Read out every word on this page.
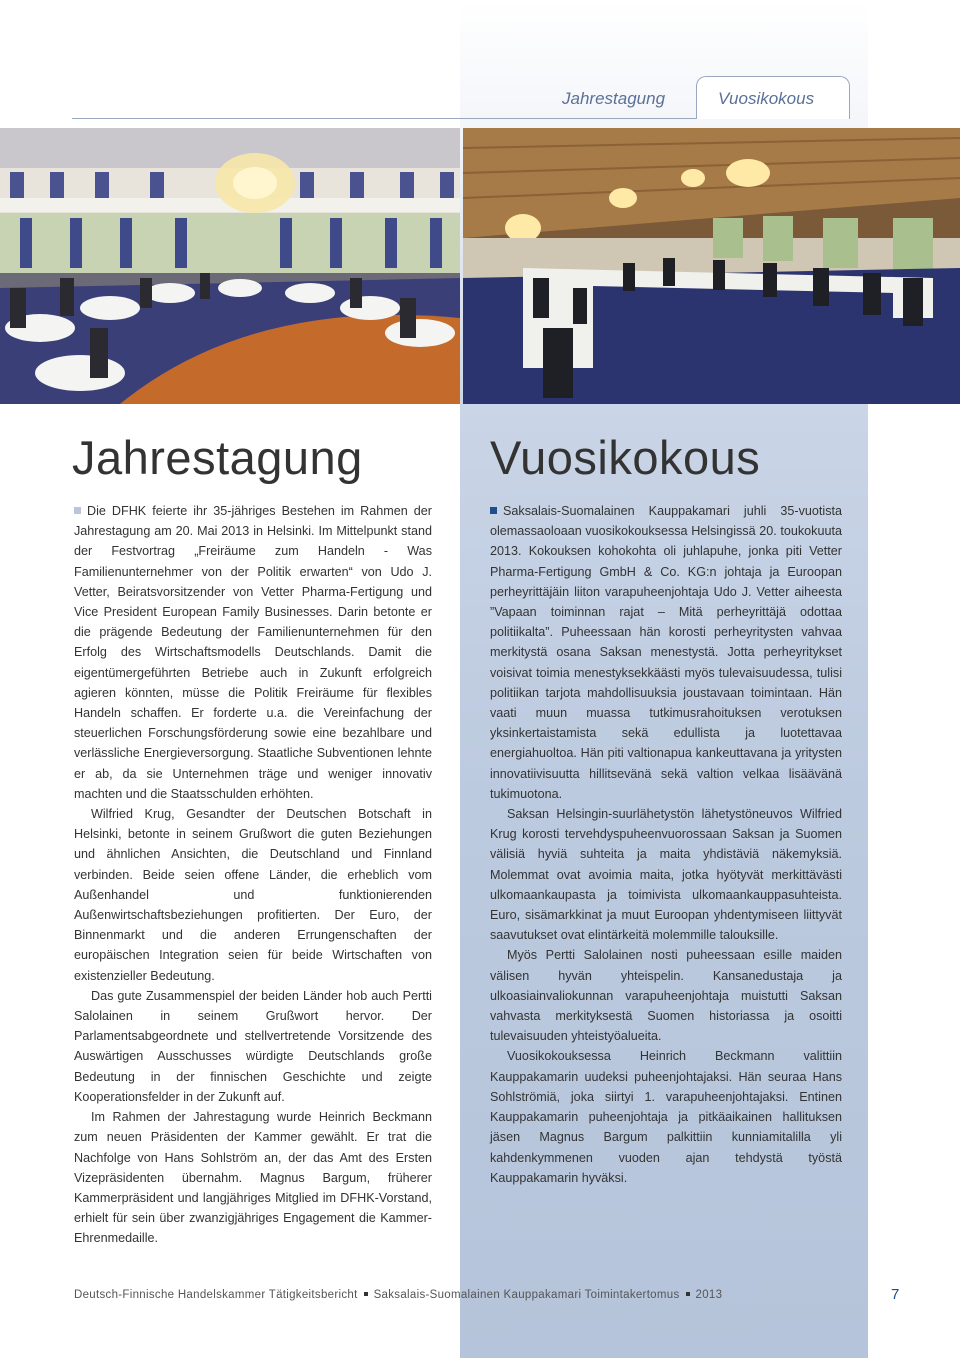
Jahrestagung	Vuosikokous
Jahrestagung	Vuosikokous

Die DFHK feierte ihr 35-jähriges Bestehen im Rahmen der Jahrestagung am 20. Mai 2013 in Helsinki. Im Mittelpunkt stand der Festvortrag „Freiräume zum Handeln - Was Familienunternehmer von der Politik erwarten“ von Udo J. Vetter, Beiratsvorsitzender von Vetter Pharma-Fertigung und Vice President European Family Businesses. Darin betonte er die prägende Bedeutung der Familienunternehmen für den Erfolg des Wirtschaftsmodells Deutschlands. Damit die eigentümergeführten Betriebe auch in Zukunft erfolgreich agieren könnten, müsse die Politik Freiräume für flexibles Handeln schaffen. Er forderte u.a. die Vereinfachung der steuerlichen Forschungsförderung sowie eine bezahlbare und verlässliche Energieversorgung. Staatliche Subventionen lehnte er ab, da sie Unternehmen träge und weniger innovativ machten und die Staatsschulden erhöhten.

Wilfried Krug, Gesandter der Deutschen Botschaft in Helsinki, betonte in seinem Grußwort die guten Beziehungen und ähnlichen Ansichten, die Deutschland und Finnland verbinden. Beide seien offene Länder, die erheblich vom Außenhandel und funktionierenden Außenwirtschaftsbeziehungen profitierten. Der Euro, der Binnenmarkt und die anderen Errungenschaften der europäischen Integration seien für beide Wirtschaften von existenzieller Bedeutung.

Das gute Zusammenspiel der beiden Länder hob auch Pertti Salolainen in seinem Grußwort hervor. Der Parlamentsabgeordnete und stellvertretende Vorsitzende des Auswärtigen Ausschusses würdigte Deutschlands große Bedeutung in der finnischen Geschichte und zeigte Kooperationsfelder in der Zukunft auf.

Im Rahmen der Jahrestagung wurde Heinrich Beckmann zum neuen Präsidenten der Kammer gewählt. Er trat die Nachfolge von Hans Sohlström an, der das Amt des Ersten Vizepräsidenten übernahm. Magnus Bargum, früherer Kammerpräsident und langjähriges Mitglied im DFHK-Vorstand, erhielt für sein über zwanzigjähriges Engagement die Kammer-Ehrenmedaille.

Saksalais-Suomalainen Kauppakamari juhli 35-vuotista olemassaoloaan vuosikokouksessa Helsingissä 20. toukokuuta 2013. Kokouksen kohokohta oli juhlapuhe, jonka piti Vetter Pharma-Fertigung GmbH & Co. KG:n johtaja ja Euroopan perheyrittäjäin liiton varapuheenjohtaja Udo J. Vetter aiheesta ”Vapaan toiminnan rajat – Mitä perheyrittäjä odottaa politiikalta”. Puheessaan hän korosti perheyritysten vahvaa merkitystä osana Saksan menestystä. Jotta perheyritykset voisivat toimia menestyksekkäästi myös tulevaisuudessa, tulisi politiikan tarjota mahdollisuuksia joustavaan toimintaan. Hän vaati muun muassa tutkimusrahoituksen verotuksen yksinkertaistamista sekä edullista ja luotettavaa energiahuoltoa. Hän piti valtionapua kankeuttavana ja yritysten innovatiivisuutta hillitsevänä sekä valtion velkaa lisäävänä tukimuotona.

Saksan Helsingin-suurlähetystön lähetystöneuvos Wilfried Krug korosti tervehdyspuheenvuorossaan Saksan ja Suomen välisiä hyviä suhteita ja maita yhdistäviä näkemyksiä. Molemmat ovat avoimia maita, jotka hyötyvät merkittävästi ulkomaankaupasta ja toimivista ulkomaankauppasuhteista. Euro, sisämarkkinat ja muut Euroopan yhdentymiseen liittyvät saavutukset ovat elintärkeitä molemmille talouksille.

Myös Pertti Salolainen nosti puheessaan esille maiden välisen hyvän yhteispelin. Kansanedustaja ja ulkoasiainvaliokunnan varapuheenjohtaja muistutti Saksan vahvasta merkityksestä Suomen historiassa ja osoitti tulevaisuuden yhteistyöalueita.

Vuosikokouksessa Heinrich Beckmann valittiin Kauppakamarin uudeksi puheenjohtajaksi. Hän seuraa Hans Sohlströmiä, joka siirtyi 1. varapuheenjohtajaksi. Entinen Kauppakamarin puheenjohtaja ja pitkäaikainen hallituksen jäsen Magnus Bargum palkittiin kunniamitalilla yli kahdenkymmenen vuoden ajan tehdystä työstä Kauppakamarin hyväksi.

Deutsch-Finnische Handelskammer Tätigkeitsbericht Saksalais-Suomalainen Kauppakamari Toimintakertomus 2013	7
